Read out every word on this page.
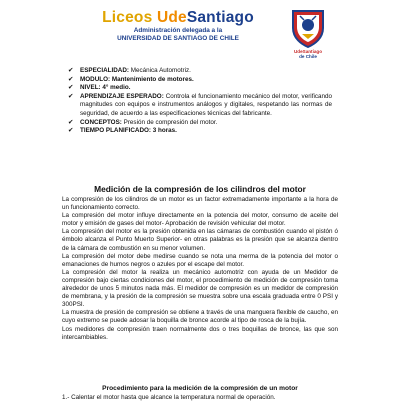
Liceos UdeSantiago
Administración delegada a la
UNIVERSIDAD DE SANTIAGO DE CHILE
UdeSantiago
de Chile
✔ ESPECIALIDAD: Mecánica Automotriz.
✔ MODULO: Mantenimiento de motores.
✔ NIVEL: 4° medio.
✔ APRENDIZAJE ESPERADO: Controla el funcionamiento mecánico del motor, verificando magnitudes con equipos e instrumentos análogos y digitales, respetando las normas de seguridad, de acuerdo a las especificaciones técnicas del fabricante.
✔ CONCEPTOS: Presión de compresión del motor.
✔ TIEMPO PLANIFICADO: 3 horas.
Medición de la compresión de los cilindros del motor

La compresión de los cilindros de un motor es un factor extremadamente importante a la hora de un funcionamiento correcto.

La compresión del motor influye directamente en la potencia del motor, consumo de aceite del motor y emisión de gases del motor- Aprobación de revisión vehicular del motor.

La compresión del motor es la presión obtenida en las cámaras de combustión cuando el pistón ó émbolo alcanza el Punto Muerto Superior- en otras palabras es la presión que se alcanza dentro de la cámara de combustión en su menor volumen.

La compresión del motor debe medirse cuando se nota una merma de la potencia del motor o emanaciones de humos negros o azules por el escape del motor.

La compresión del motor la realiza un mecánico automotriz con ayuda de un Medidor de compresión bajo ciertas condiciones del motor, el procedimiento de medición de compresión toma alrededor de unos 5 minutos nada más. El medidor de compresión es un medidor de compresión de membrana, y la presión de la compresión se muestra sobre una escala graduada entre 0 PSI y 300PSI.

La muestra de presión de compresión se obtiene a través de una manguera flexible de caucho, en cuyo extremo se puede adosar la boquilla de bronce acorde al tipo de rosca de la bujía.

Los medidores de compresión traen normalmente dos o tres boquillas de bronce, las que son intercambiables.

Procedimiento para la medición de la compresión de un motor
1.- Calentar el motor hasta que alcance la temperatura normal de operación.
